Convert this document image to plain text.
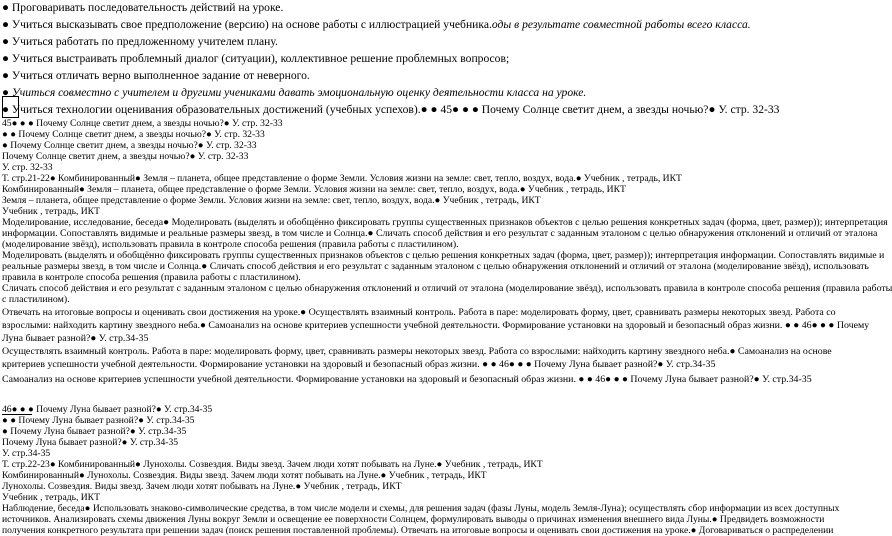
● Проговаривать последовательность действий на уроке.
● Учиться высказывать свое предположение (версию) на основе работы с иллюстрацией учебника.оды в результате совместной работы всего класса.
● Учиться работать по предложенному учителем плану.
● Учиться выстраивать проблемный диалог (ситуации), коллективное решение проблемных вопросов;
● Учиться отличать верно выполненное задание от неверного.
● Учиться совместно с учителем и другими учениками давать эмоциональную оценку деятельности класса на уроке.
● Учиться технологии оценивания образовательных достижений (учебных успехов).● ● 45● ● ● Почему Солнце светит днем, а звезды ночью?● У. стр. 32-33
45● ● ● Почему Солнце светит днем, а звезды ночью?● У. стр. 32-33
● ● Почему Солнце светит днем, а звезды ночью?● У. стр. 32-33
● Почему Солнце светит днем, а звезды ночью?● У. стр. 32-33
Почему Солнце светит днем, а звезды ночью?● У. стр. 32-33
У. стр. 32-33
Т. стр.21-22● Комбинированный● Земля – планета, общее представление о форме Земли. Условия жизни на земле: свет, тепло, воздух, вода.● Учебник , тетрадь, ИКТ
Комбинированный● Земля – планета, общее представление о форме Земли. Условия жизни на земле: свет, тепло, воздух, вода.● Учебник , тетрадь, ИКТ
Земля – планета, общее представление о форме Земли. Условия жизни на земле: свет, тепло, воздух, вода.● Учебник , тетрадь, ИКТ
Учебник , тетрадь, ИКТ
Моделирование, исследование, беседа● Моделировать (выделять и обобщённо фиксировать группы существенных признаков объектов с целью решения конкретных задач (форма, цвет, размер)); интерпретация
информации. Сопоставлять видимые и реальные размеры звезд, в том числе и Солнца.● Сличать способ действия и его результат с заданным эталоном с целью обнаружения отклонений и отличий от эталона
(моделирование звёзд), использовать правила в контроле способа решения (правила работы с пластилином).
Моделировать (выделять и обобщённо фиксировать группы существенных признаков объектов с целью решения конкретных задач (форма, цвет, размер)); интерпретация информации. Сопоставлять видимые и
реальные размеры звезд, в том числе и Солнца.● Сличать способ действия и его результат с заданным эталоном с целью обнаружения отклонений и отличий от эталона (моделирование звёзд), использовать
правила в контроле способа решения (правила работы с пластилином).
Сличать способ действия и его результат с заданным эталоном с целью обнаружения отклонений и отличий от эталона (моделирование звёзд), использовать правила в контроле способа решения (правила работы
с пластилином).
Отвечать на итоговые вопросы и оценивать свои достижения на уроке.● Осуществлять взаимный контроль. Работа в паре: моделировать форму, цвет, сравнивать размеры некоторых звезд. Работа со
взрослыми: найходить картину звездного неба.● Самоанализ на основе критериев успешности учебной деятельности. Формирование установки на здоровый и безопасный образ жизни. ● ● 46● ● ● Почему
Луна бывает разной?● У. стр.34-35
Осуществлять взаимный контроль. Работа в паре: моделировать форму, цвет, сравнивать размеры некоторых звезд. Работа со взрослыми: найходить картину звездного неба.● Самоанализ на основе
критериев успешности учебной деятельности. Формирование установки на здоровый и безопасный образ жизни. ● ● 46● ● ● Почему Луна бывает разной?● У. стр.34-35
Самоанализ на основе критериев успешности учебной деятельности. Формирование установки на здоровый и безопасный образ жизни. ● ● 46● ● ● Почему Луна бывает разной?● У. стр.34-35
46● ● ● Почему Луна бывает разной?● У. стр.34-35
● ● Почему Луна бывает разной?● У. стр.34-35
● Почему Луна бывает разной?● У. стр.34-35
Почему Луна бывает разной?● У. стр.34-35
У. стр.34-35
Т. стр.22-23● Комбинированный● Лунохолы. Созвездия. Виды звезд. Зачем люди хотят побывать на Луне.● Учебник , тетрадь, ИКТ
Комбинированный● Лунохолы. Созвездия. Виды звезд. Зачем люди хотят побывать на Луне.● Учебник , тетрадь, ИКТ
Лунохолы. Созвездия. Виды звезд. Зачем люди хотят побывать на Луне.● Учебник , тетрадь, ИКТ
Учебник , тетрадь, ИКТ
Наблюдение, беседа● Использовать знаково-символические средства, в том числе модели и схемы, для решения задач (фазы Луны, модель Земля-Луна); осуществлять сбор информации из всех доступных
источников. Анализировать схемы движения Луны вокруг Земли и освещение ее поверхности Солнцем, формулировать выводы о причинах изменения внешнего вида Луны.● Предвидеть возможности
получения конкретного результата при решении задач (поиск решения поставленной проблемы). Отвечать на итоговые вопросы и оценивать свои достижения на уроке.● Договариваться о распределении
